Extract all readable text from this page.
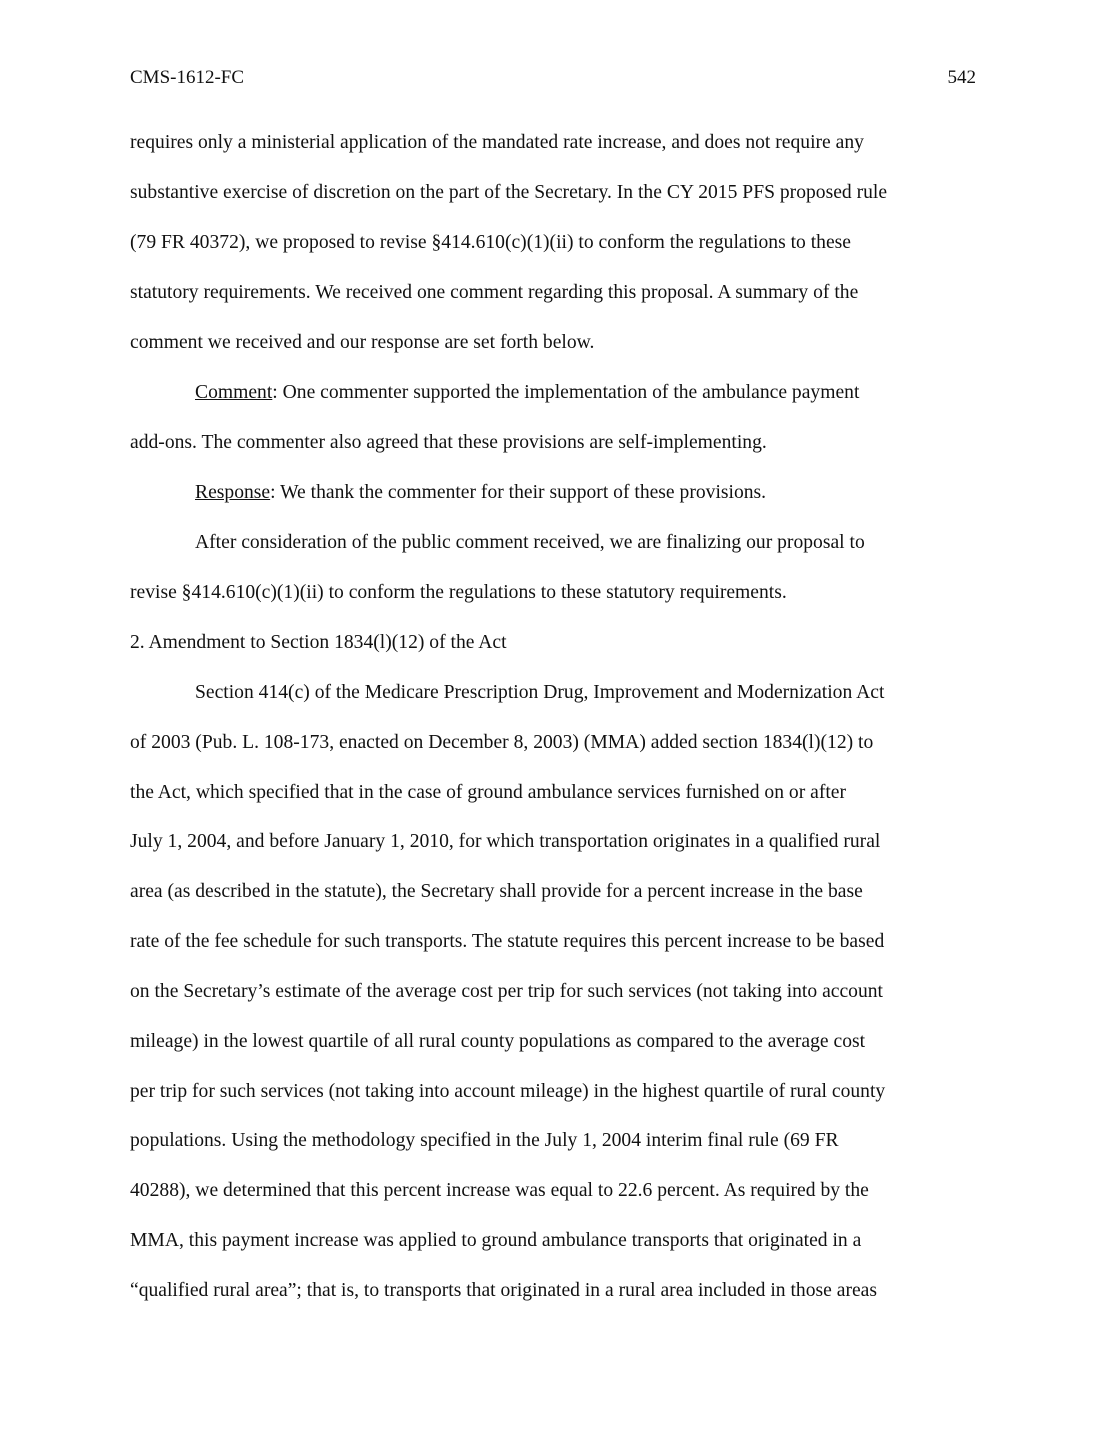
CMS-1612-FC	542
requires only a ministerial application of the mandated rate increase, and does not require any
substantive exercise of discretion on the part of the Secretary. In the CY 2015 PFS proposed rule
(79 FR 40372), we proposed to revise §414.610(c)(1)(ii) to conform the regulations to these
statutory requirements. We received one comment regarding this proposal. A summary of the
comment we received and our response are set forth below.
Comment: One commenter supported the implementation of the ambulance payment
add-ons. The commenter also agreed that these provisions are self-implementing.
Response: We thank the commenter for their support of these provisions.
After consideration of the public comment received, we are finalizing our proposal to
revise §414.610(c)(1)(ii) to conform the regulations to these statutory requirements.
2. Amendment to Section 1834(l)(12) of the Act
Section 414(c) of the Medicare Prescription Drug, Improvement and Modernization Act
of 2003 (Pub. L. 108-173, enacted on December 8, 2003) (MMA) added section 1834(l)(12) to
the Act, which specified that in the case of ground ambulance services furnished on or after
July 1, 2004, and before January 1, 2010, for which transportation originates in a qualified rural
area (as described in the statute), the Secretary shall provide for a percent increase in the base
rate of the fee schedule for such transports. The statute requires this percent increase to be based
on the Secretary’s estimate of the average cost per trip for such services (not taking into account
mileage) in the lowest quartile of all rural county populations as compared to the average cost
per trip for such services (not taking into account mileage) in the highest quartile of rural county
populations. Using the methodology specified in the July 1, 2004 interim final rule (69 FR
40288), we determined that this percent increase was equal to 22.6 percent. As required by the
MMA, this payment increase was applied to ground ambulance transports that originated in a
“qualified rural area”; that is, to transports that originated in a rural area included in those areas
